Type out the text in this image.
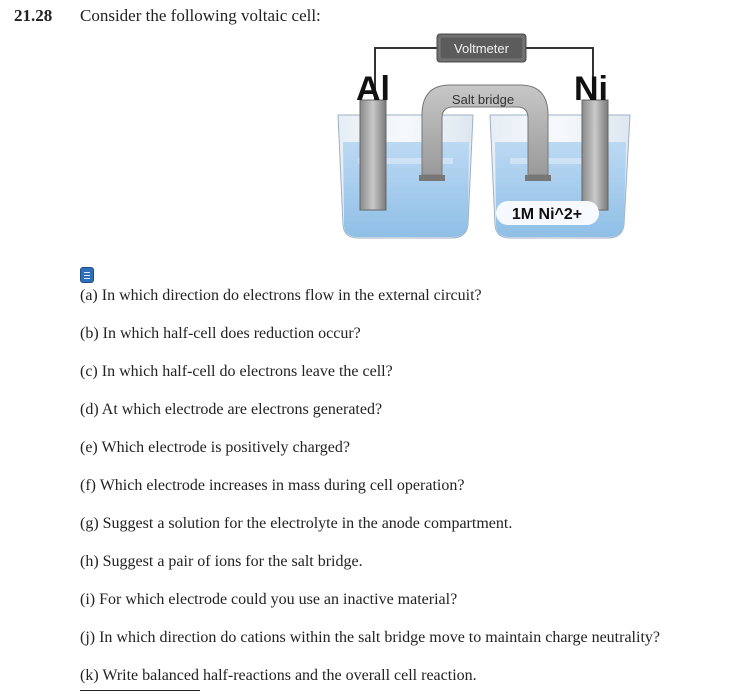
21.28 Consider the following voltaic cell:
Voltmeter
Al	Ni
Salt bridge
1M Ni^2+
(a) In which direction do electrons flow in the external circuit?
(b) In which half-cell does reduction occur?
(c) In which half-cell do electrons leave the cell?
(d) At which electrode are electrons generated?
(e) Which electrode is positively charged?
(f) Which electrode increases in mass during cell operation?
(g) Suggest a solution for the electrolyte in the anode compartment.
(h) Suggest a pair of ions for the salt bridge.
(i) For which electrode could you use an inactive material?
(j) In which direction do cations within the salt bridge move to maintain charge neutrality?
(k) Write balanced half-reactions and the overall cell reaction.
